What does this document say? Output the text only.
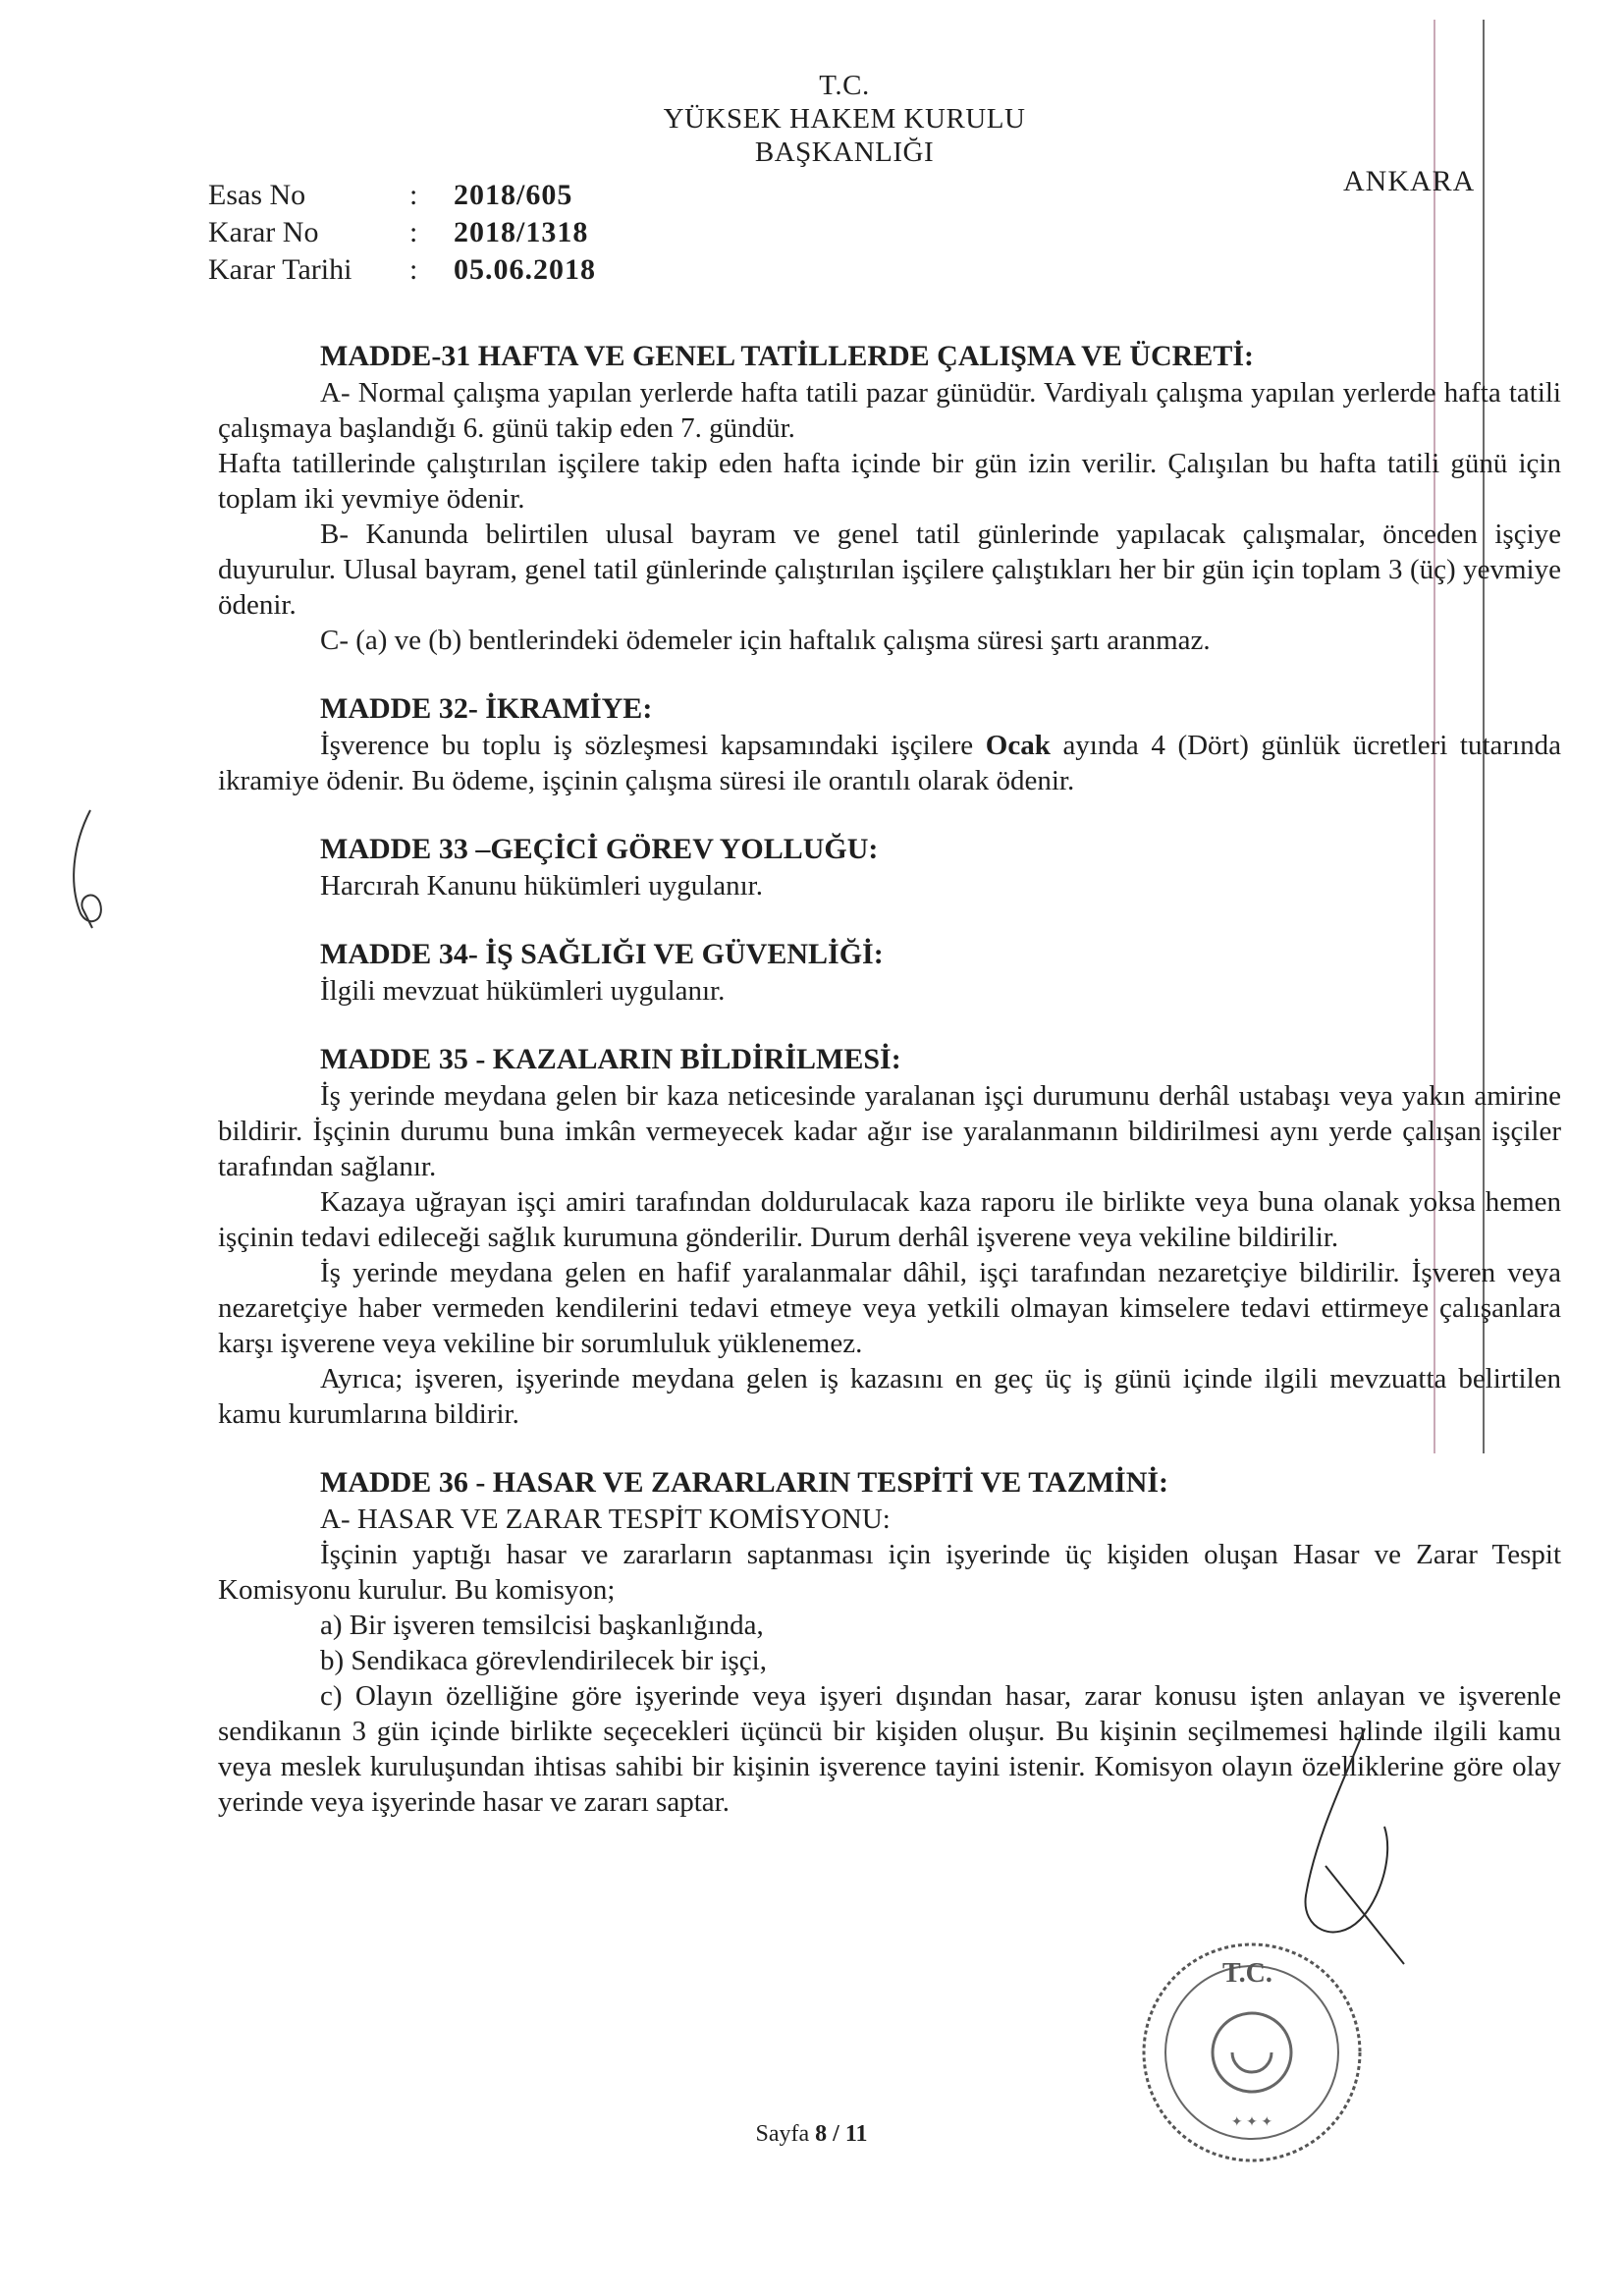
T.C.
YÜKSEK HAKEM KURULU
BAŞKANLIĞI
ANKARA
Esas No	:	2018/605
Karar No	:	2018/1318
Karar Tarihi	:	05.06.2018
MADDE-31 HAFTA VE GENEL TATİLLERDE ÇALIŞMA VE ÜCRETİ:

A- Normal çalışma yapılan yerlerde hafta tatili pazar günüdür. Vardiyalı çalışma yapılan yerlerde hafta tatili çalışmaya başlandığı 6. günü takip eden 7. gündür.

Hafta tatillerinde çalıştırılan işçilere takip eden hafta içinde bir gün izin verilir. Çalışılan bu hafta tatili günü için toplam iki yevmiye ödenir.

B- Kanunda belirtilen ulusal bayram ve genel tatil günlerinde yapılacak çalışmalar, önceden işçiye duyurulur. Ulusal bayram, genel tatil günlerinde çalıştırılan işçilere çalıştıkları her bir gün için toplam 3 (üç) yevmiye ödenir.

C- (a) ve (b) bentlerindeki ödemeler için haftalık çalışma süresi şartı aranmaz.

MADDE 32- İKRAMİYE:

İşverence bu toplu iş sözleşmesi kapsamındaki işçilere Ocak ayında 4 (Dört) günlük ücretleri tutarında ikramiye ödenir. Bu ödeme, işçinin çalışma süresi ile orantılı olarak ödenir.

MADDE 33 –GEÇİCİ GÖREV YOLLUĞU:

Harcırah Kanunu hükümleri uygulanır.

MADDE 34- İŞ SAĞLIĞI VE GÜVENLİĞİ:

İlgili mevzuat hükümleri uygulanır.

MADDE 35 - KAZALARIN BİLDİRİLMESİ:

İş yerinde meydana gelen bir kaza neticesinde yaralanan işçi durumunu derhâl ustabaşı veya yakın amirine bildirir. İşçinin durumu buna imkân vermeyecek kadar ağır ise yaralanmanın bildirilmesi aynı yerde çalışan işçiler tarafından sağlanır.

Kazaya uğrayan işçi amiri tarafından doldurulacak kaza raporu ile birlikte veya buna olanak yoksa hemen işçinin tedavi edileceği sağlık kurumuna gönderilir. Durum derhâl işverene veya vekiline bildirilir.

İş yerinde meydana gelen en hafif yaralanmalar dâhil, işçi tarafından nezaretçiye bildirilir. İşveren veya nezaretçiye haber vermeden kendilerini tedavi etmeye veya yetkili olmayan kimselere tedavi ettirmeye çalışanlara karşı işverene veya vekiline bir sorumluluk yüklenemez.

Ayrıca; işveren, işyerinde meydana gelen iş kazasını en geç üç iş günü içinde ilgili mevzuatta belirtilen kamu kurumlarına bildirir.

MADDE 36 - HASAR VE ZARARLARIN TESPİTİ VE TAZMİNİ:

A- HASAR VE ZARAR TESPİT KOMİSYONU:

İşçinin yaptığı hasar ve zararların saptanması için işyerinde üç kişiden oluşan Hasar ve Zarar Tespit Komisyonu kurulur. Bu komisyon;

a) Bir işveren temsilcisi başkanlığında,

b) Sendikaca görevlendirilecek bir işçi,

c) Olayın özelliğine göre işyerinde veya işyeri dışından hasar, zarar konusu işten anlayan ve işverenle sendikanın 3 gün içinde birlikte seçecekleri üçüncü bir kişiden oluşur. Bu kişinin seçilmemesi halinde ilgili kamu veya meslek kuruluşundan ihtisas sahibi bir kişinin işverence tayini istenir. Komisyon olayın özelliklerine göre olay yerinde veya işyerinde hasar ve zararı saptar.

T.C.
✦ ✦ ✦
Sayfa 8 / 11
